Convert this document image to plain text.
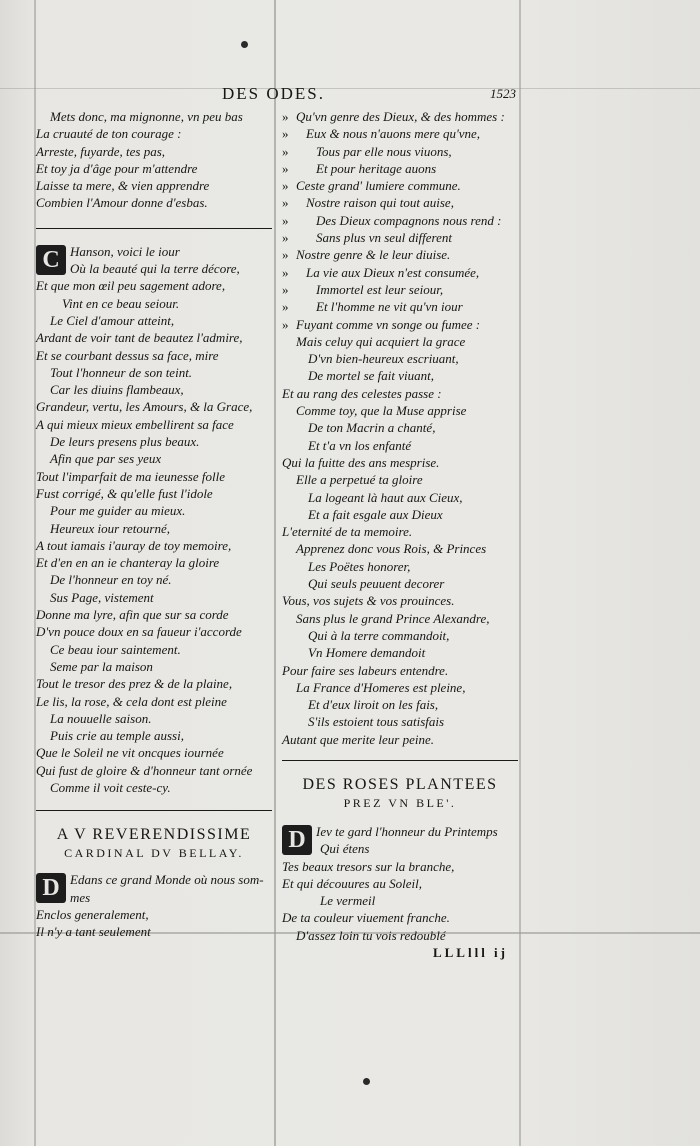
DES ODES.	1523
Mets donc, ma mignonne, vn peu bas
La cruauté de ton courage :
Arreste, fuyarde, tes pas,
Et toy ja d'âge pour m'attendre
Laisse ta mere, & vien apprendre
Combien l'Amour donne d'esbas.
C Hanson, voici le iour
Où la beauté qui la terre décore,
Et que mon œil peu sagement adore,
Vint en ce beau seiour.
Le Ciel d'amour atteint,
Ardant de voir tant de beautez l'admire,
Et se courbant dessus sa face, mire
Tout l'honneur de son teint.
Car les diuins flambeaux,
Grandeur, vertu, les Amours, & la Grace,
A qui mieux mieux embellirent sa face
De leurs presens plus beaux.
Afin que par ses yeux
Tout l'imparfait de ma ieunesse folle
Fust corrigé, & qu'elle fust l'idole
Pour me guider au mieux.
Heureux iour retourné,
A tout iamais i'auray de toy memoire,
Et d'en en an ie chanteray la gloire
De l'honneur en toy né.
Sus Page, vistement
Donne ma lyre, afin que sur sa corde
D'vn pouce doux en sa faueur i'accorde
Ce beau iour saintement.
Seme par la maison
Tout le tresor des prez & de la plaine,
Le lis, la rose, & cela dont est pleine
La nouuelle saison.
Puis crie au temple aussi,
Que le Soleil ne vit oncques iournée
Qui fust de gloire & d'honneur tant ornée
Comme il voit ceste-cy.
A V REVERENDISSIME
CARDINAL DV BELLAY.
D Edans ce grand Monde où nous som-
mes
Enclos generalement,
Il n'y a tant seulement
» Qu'vn genre des Dieux, & des hommes :
» Eux & nous n'auons mere qu'vne,
» Tous par elle nous viuons,
» Et pour heritage auons
» Ceste grand' lumiere commune.
» Nostre raison qui tout auise,
» Des Dieux compagnons nous rend :
» Sans plus vn seul different
» Nostre genre & le leur diuise.
» La vie aux Dieux n'est consumée,
» Immortel est leur seiour,
» Et l'homme ne vit qu'vn iour
» Fuyant comme vn songe ou fumee :
Mais celuy qui acquiert la grace
D'vn bien-heureux escriuant,
De mortel se fait viuant,
Et au rang des celestes passe :
Comme toy, que la Muse apprise
De ton Macrin a chanté,
Et t'a vn los enfanté
Qui la fuitte des ans mesprise.
Elle a perpetué ta gloire
La logeant là haut aux Cieux,
Et a fait esgale aux Dieux
L'eternité de ta memoire.
Apprenez donc vous Rois, & Princes
Les Poëtes honorer,
Qui seuls peuuent decorer
Vous, vos sujets & vos prouinces.
Sans plus le grand Prince Alexandre,
Qui à la terre commandoit,
Vn Homere demandoit
Pour faire ses labeurs entendre.
La France d'Homeres est pleine,
Et d'eux liroit on les fais,
S'ils estoient tous satisfais
Autant que merite leur peine.
DES ROSES PLANTEES
PREZ VN BLE'.
D Iev te gard l'honneur du Printemps
Qui étens
Tes beaux tresors sur la branche,
Et qui découures au Soleil,
Le vermeil
De ta couleur viuement franche.
D'assez loin tu vois redoublé
LLLlll ij
